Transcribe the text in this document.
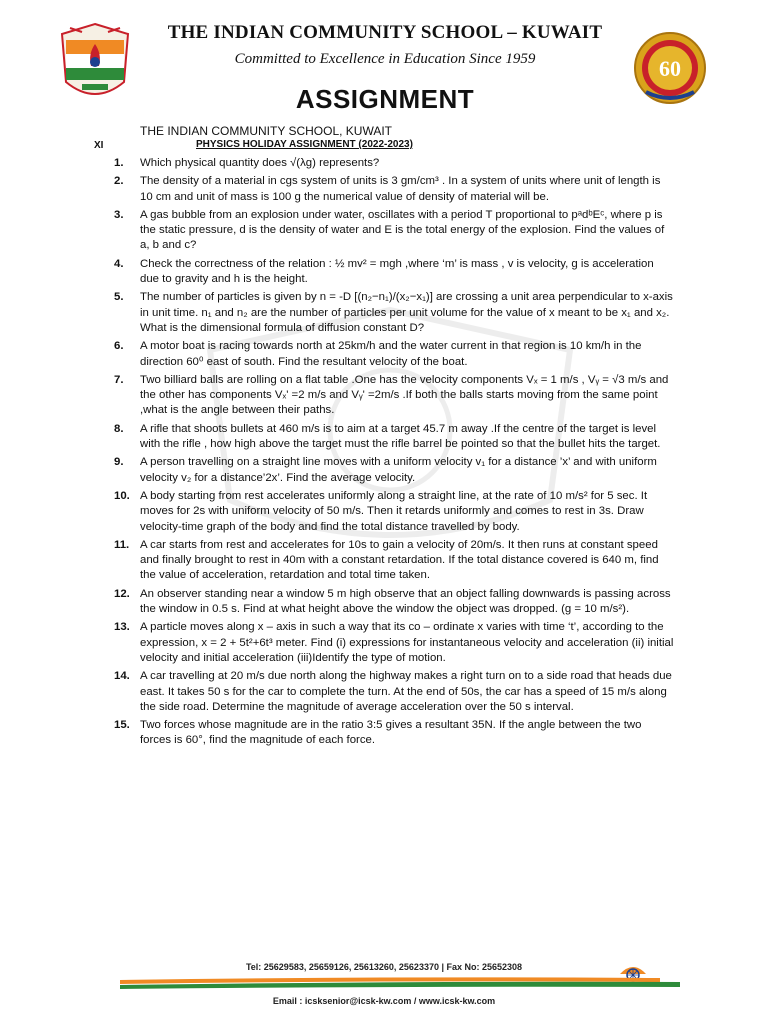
THE INDIAN COMMUNITY SCHOOL – KUWAIT
Committed to Excellence in Education Since 1959	60
ASSIGNMENT
THE INDIAN COMMUNITY SCHOOL, KUWAIT
XI	PHYSICS HOLIDAY ASSIGNMENT (2022-2023)
1. Which physical quantity does √(λg) represents?
2. The density of a material in cgs system of units is 3 gm/cm³ . In a system of units where unit of length is 10 cm and unit of mass is 100 g the numerical value of density of material will be.
3. A gas bubble from an explosion under water, oscillates with a period T proportional to pᵃdᵇEᶜ, where p is the static pressure, d is the density of water and E is the total energy of the explosion. Find the values of a, b and c?
4. Check the correctness of the relation : ½ mv² = mgh ,where ‘m’ is mass , v is velocity, g is acceleration due to gravity and h is the height.
5. The number of particles is given by n = -D [(n₂−n₁)/(x₂−x₁)] are crossing a unit area perpendicular to x-axis in unit time. n₁ and n₂ are the number of particles per unit volume for the value of x meant to be x₁ and x₂. What is the dimensional formula of diffusion constant D?
6. A motor boat is racing towards north at 25km/h and the water current in that region is 10 km/h in the direction 60⁰ east of south. Find the resultant velocity of the boat.
7. Two billiard balls are rolling on a flat table .One has the velocity components Vₓ = 1 m/s , Vᵧ = √3 m/s and the other has components Vₓ' =2 m/s and Vᵧ' =2m/s .If both the balls starts moving from the same point ,what is the angle between their paths.
8. A rifle that shoots bullets at 460 m/s is to aim at a target 45.7 m away .If the centre of the target is level with the rifle , how high above the target must the rifle barrel be pointed so that the bullet hits the target.
9. A person travelling on a straight line moves with a uniform velocity v₁ for a distance ’x’ and with uniform velocity v₂ for a distance’2x’. Find the average velocity.
10. A body starting from rest accelerates uniformly along a straight line, at the rate of 10 m/s² for 5 sec. It moves for 2s with uniform velocity of 50 m/s. Then it retards uniformly and comes to rest in 3s. Draw velocity-time graph of the body and find the total distance travelled by body.
11. A car starts from rest and accelerates for 10s to gain a velocity of 20m/s. It then runs at constant speed and finally brought to rest in 40m with a constant retardation. If the total distance covered is 640 m, find the value of acceleration, retardation and total time taken.
12. An observer standing near a window 5 m high observe that an object falling downwards is passing across the window in 0.5 s. Find at what height above the window the object was dropped. (g = 10 m/s²).
13. A particle moves along x – axis in such a way that its co – ordinate x varies with time ‘t’, according to the expression, x = 2 + 5t²+6t³ meter. Find (i) expressions for instantaneous velocity and acceleration (ii) initial velocity and initial acceleration (iii)Identify the type of motion.
14. A car travelling at 20 m/s due north along the highway makes a right turn on to a side road that heads due east. It takes 50 s for the car to complete the turn. At the end of 50s, the car has a speed of 15 m/s along the side road. Determine the magnitude of average acceleration over the 50 s interval.
15. Two forces whose magnitude are in the ratio 3:5 gives a resultant 35N. If the angle between the two forces is 60°, find the magnitude of each force.
Tel: 25629583, 25659126, 25613260, 25623370 | Fax No: 25652308
Email : icsksenior@icsk-kw.com / www.icsk-kw.com
